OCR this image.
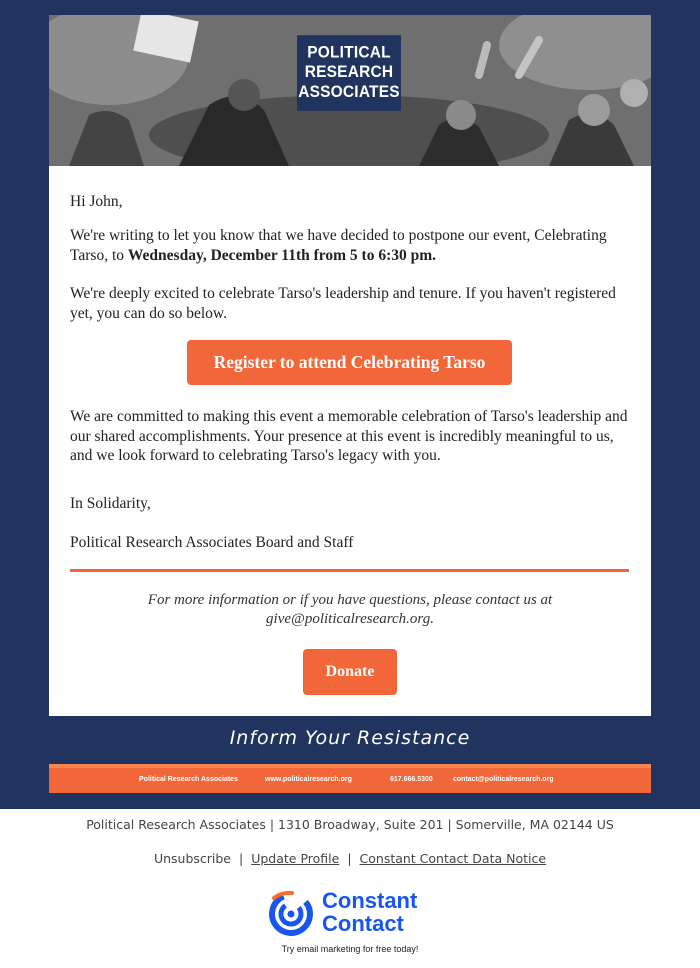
POLITICAL
RESEARCH
ASSOCIATES
Hi John,
We're writing to let you know that we have decided to postpone our event, Celebrating Tarso, to Wednesday, December 11th from 5 to 6:30 pm.
We're deeply excited to celebrate Tarso's leadership and tenure. If you haven't registered yet, you can do so below.
Register to attend Celebrating Tarso
We are committed to making this event a memorable celebration of Tarso's leadership and our shared accomplishments. Your presence at this event is incredibly meaningful to us, and we look forward to celebrating Tarso's legacy with you.
In Solidarity,
Political Research Associates Board and Staff
For more information or if you have questions, please contact us at give@politicalresearch.org.
Donate
Inform Your Resistance
Political Research Associates	www.politicalresearch.org	617.666.5300	contact@politicalresearch.org
Political Research Associates | 1310 Broadway, Suite 201 | Somerville, MA 02144 US
Unsubscribe | Update Profile | Constant Contact Data Notice
Constant
Contact
Try email marketing for free today!
